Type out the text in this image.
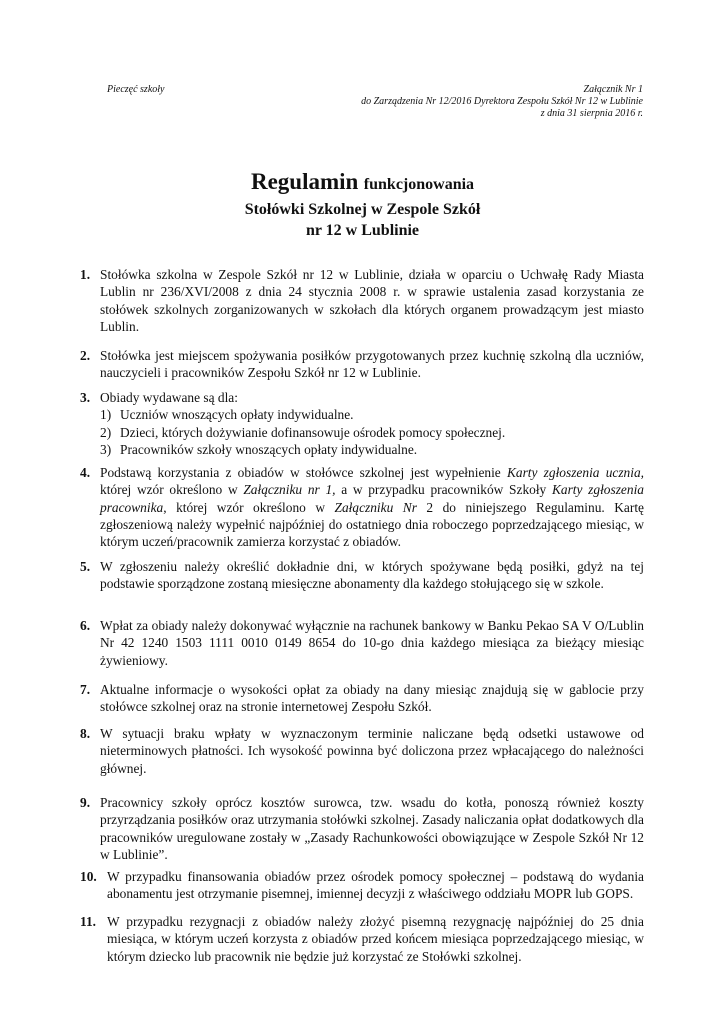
Pieczęć szkoły	Załącznik Nr 1
do Zarządzenia Nr 12/2016 Dyrektora Zespołu Szkół Nr 12 w Lublinie
z dnia 31 sierpnia 2016 r.
Regulamin funkcjonowania
Stołówki Szkolnej w Zespole Szkół
nr 12 w Lublinie
1. Stołówka szkolna w Zespole Szkół nr 12 w Lublinie, działa w oparciu o Uchwałę Rady Miasta Lublin nr 236/XVI/2008 z dnia 24 stycznia 2008 r. w sprawie ustalenia zasad korzystania ze stołówek szkolnych zorganizowanych w szkołach dla których organem prowadzącym jest miasto Lublin.
2. Stołówka jest miejscem spożywania posiłków przygotowanych przez kuchnię szkolną dla uczniów, nauczycieli i pracowników Zespołu Szkół nr 12 w Lublinie.
3. Obiady wydawane są dla:
1) Uczniów wnoszących opłaty indywidualne.
2) Dzieci, których dożywianie dofinansowuje ośrodek pomocy społecznej.
3) Pracowników szkoły wnoszących opłaty indywidualne.
4. Podstawą korzystania z obiadów w stołówce szkolnej jest wypełnienie Karty zgłoszenia ucznia, której wzór określono w Załączniku nr 1, a w przypadku pracowników Szkoły Karty zgłoszenia pracownika, której wzór określono w Załączniku Nr 2 do niniejszego Regulaminu. Kartę zgłoszeniową należy wypełnić najpóźniej do ostatniego dnia roboczego poprzedzającego miesiąc, w którym uczeń/pracownik zamierza korzystać z obiadów.
5. W zgłoszeniu należy określić dokładnie dni, w których spożywane będą posiłki, gdyż na tej podstawie sporządzone zostaną miesięczne abonamenty dla każdego stołującego się w szkole.
6. Wpłat za obiady należy dokonywać wyłącznie na rachunek bankowy w Banku Pekao SA V O/Lublin Nr 42 1240 1503 1111 0010 0149 8654 do 10-go dnia każdego miesiąca za bieżący miesiąc żywieniowy.
7. Aktualne informacje o wysokości opłat za obiady na dany miesiąc znajdują się w gablocie przy stołówce szkolnej oraz na stronie internetowej Zespołu Szkół.
8. W sytuacji braku wpłaty w wyznaczonym terminie naliczane będą odsetki ustawowe od nieterminowych płatności. Ich wysokość powinna być doliczona przez wpłacającego do należności głównej.
9. Pracownicy szkoły oprócz kosztów surowca, tzw. wsadu do kotła, ponoszą również koszty przyrządzania posiłków oraz utrzymania stołówki szkolnej. Zasady naliczania opłat dodatkowych dla pracowników uregulowane zostały w „Zasady Rachunkowości obowiązujące w Zespole Szkół Nr 12 w Lublinie”.
10. W przypadku finansowania obiadów przez ośrodek pomocy społecznej – podstawą do wydania abonamentu jest otrzymanie pisemnej, imiennej decyzji z właściwego oddziału MOPR lub GOPS.
11. W przypadku rezygnacji z obiadów należy złożyć pisemną rezygnację najpóźniej do 25 dnia miesiąca, w którym uczeń korzysta z obiadów przed końcem miesiąca poprzedzającego miesiąc, w którym dziecko lub pracownik nie będzie już korzystać ze Stołówki szkolnej.
